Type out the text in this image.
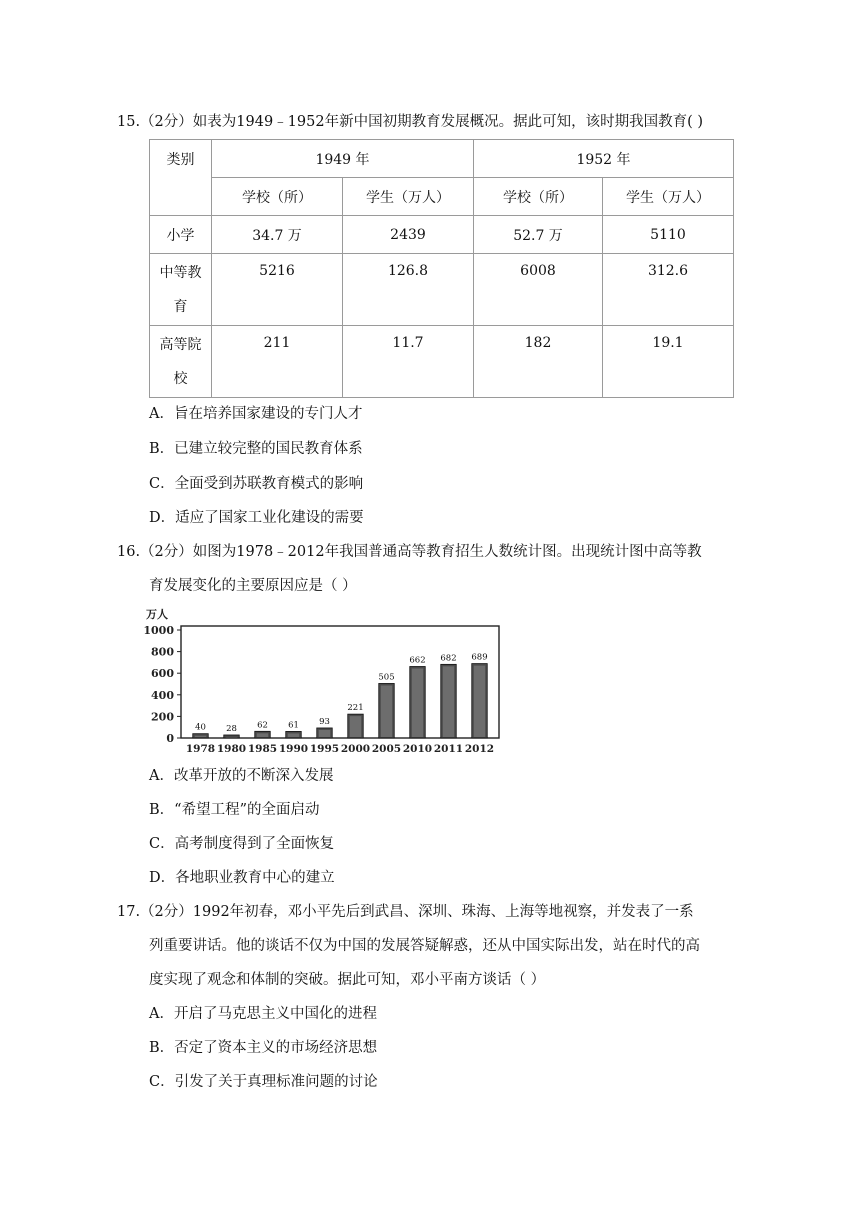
15.（2分）如表为1949﹣1952年新中国初期教育发展概况。据此可知，该时期我国教育( )
类别	1949 年		1952 年	
	学校（所）	学生（万人）	学校（所）	学生（万人）
小学	34.7 万	2439	52.7 万	5110

中等教
育	5216	126.8	6008	312.6

高等院
校	211	11.7	182	19.1
A．旨在培养国家建设的专门人才
B．已建立较完整的国民教育体系
C．全面受到苏联教育模式的影响
D．适应了国家工业化建设的需要
16.（2分）如图为1978﹣2012年我国普通高等教育招生人数统计图。出现统计图中高等教
育发展变化的主要原因应是（ ）
万人
1000
800
600
400
200
0
40 28 62 61 93
221
505
662 682 689
1978 1980 1985 1990 1995 2000 2005 2010 2011 2012
A．改革开放的不断深入发展
B．“希望工程”的全面启动
C．高考制度得到了全面恢复
D．各地职业教育中心的建立
17.（2分）1992年初春，邓小平先后到武昌、深圳、珠海、上海等地视察，并发表了一系
列重要讲话。他的谈话不仅为中国的发展答疑解惑，还从中国实际出发，站在时代的高
度实现了观念和体制的突破。据此可知，邓小平南方谈话（ ）
A．开启了马克思主义中国化的进程
B．否定了资本主义的市场经济思想
C．引发了关于真理标准问题的讨论
